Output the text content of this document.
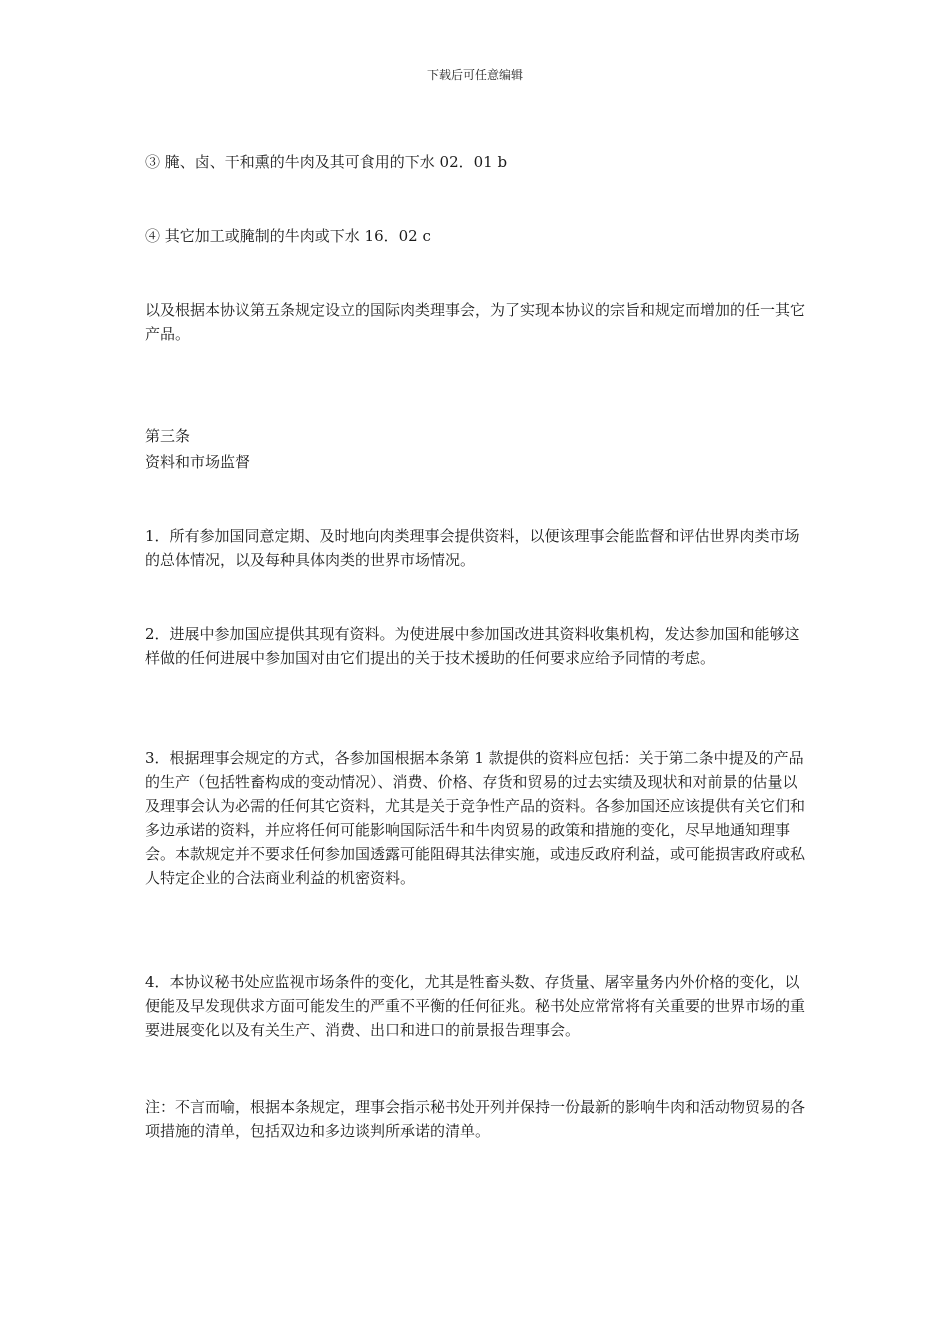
下载后可任意编辑

③ 腌、卤、干和熏的牛肉及其可食用的下水 02．01 b

④ 其它加工或腌制的牛肉或下水 16．02 c

以及根据本协议第五条规定设立的国际肉类理事会，为了实现本协议的宗旨和规定而增加的任一其它产品。

第三条

资料和市场监督

1．所有参加国同意定期、及时地向肉类理事会提供资料，以便该理事会能监督和评估世界肉类市场的总体情况，以及每种具体肉类的世界市场情况。

2．进展中参加国应提供其现有资料。为使进展中参加国改进其资料收集机构，发达参加国和能够这样做的任何进展中参加国对由它们提出的关于技术援助的任何要求应给予同情的考虑。

3．根据理事会规定的方式，各参加国根据本条第 1 款提供的资料应包括：关于第二条中提及的产品的生产（包括牲畜构成的变动情况）、消费、价格、存货和贸易的过去实绩及现状和对前景的估量以及理事会认为必需的任何其它资料，尤其是关于竞争性产品的资料。各参加国还应该提供有关它们和多边承诺的资料，并应将任何可能影响国际活牛和牛肉贸易的政策和措施的变化，尽早地通知理事会。本款规定并不要求任何参加国透露可能阻碍其法律实施，或违反政府利益，或可能损害政府或私人特定企业的合法商业利益的机密资料。

4．本协议秘书处应监视市场条件的变化，尤其是牲畜头数、存货量、屠宰量务内外价格的变化，以便能及早发现供求方面可能发生的严重不平衡的任何征兆。秘书处应常常将有关重要的世界市场的重要进展变化以及有关生产、消费、出口和进口的前景报告理事会。

注：不言而喻，根据本条规定，理事会指示秘书处开列并保持一份最新的影响牛肉和活动物贸易的各项措施的清单，包括双边和多边谈判所承诺的清单。
